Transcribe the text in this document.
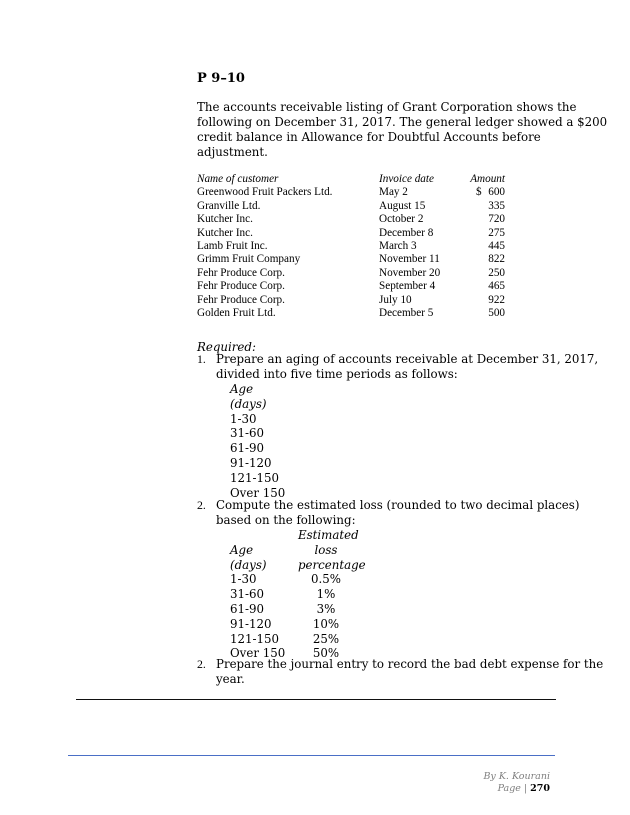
P 9–10
The accounts receivable listing of Grant Corporation shows the
following on December 31, 2017. The general ledger showed a $200
credit balance in Allowance for Doubtful Accounts before
adjustment.
Name of customer	Invoice date	Amount
Greenwood Fruit Packers Ltd.	May 2	$ 600
Granville Ltd.	August 15	335
Kutcher Inc.	October 2	720
Kutcher Inc.	December 8	275
Lamb Fruit Inc.	March 3	445
Grimm Fruit Company	November 11	822
Fehr Produce Corp.	November 20	250
Fehr Produce Corp.	September 4	465
Fehr Produce Corp.	July 10	922
Golden Fruit Ltd.	December 5	500
Required:
1. Prepare an aging of accounts receivable at December 31, 2017,
divided into five time periods as follows:
Age
(days)
1-30
31-60
61-90
91-120
121-150
Over 150
2. Compute the estimated loss (rounded to two decimal places)
based on the following:
Estimated
Age	loss
(days)	percentage
1-30	0.5%
31-60	1%
61-90	3%
91-120	10%
121-150	25%
Over 150	50%
2. Prepare the journal entry to record the bad debt expense for the
year.
By K. Kourani
Page | 270
